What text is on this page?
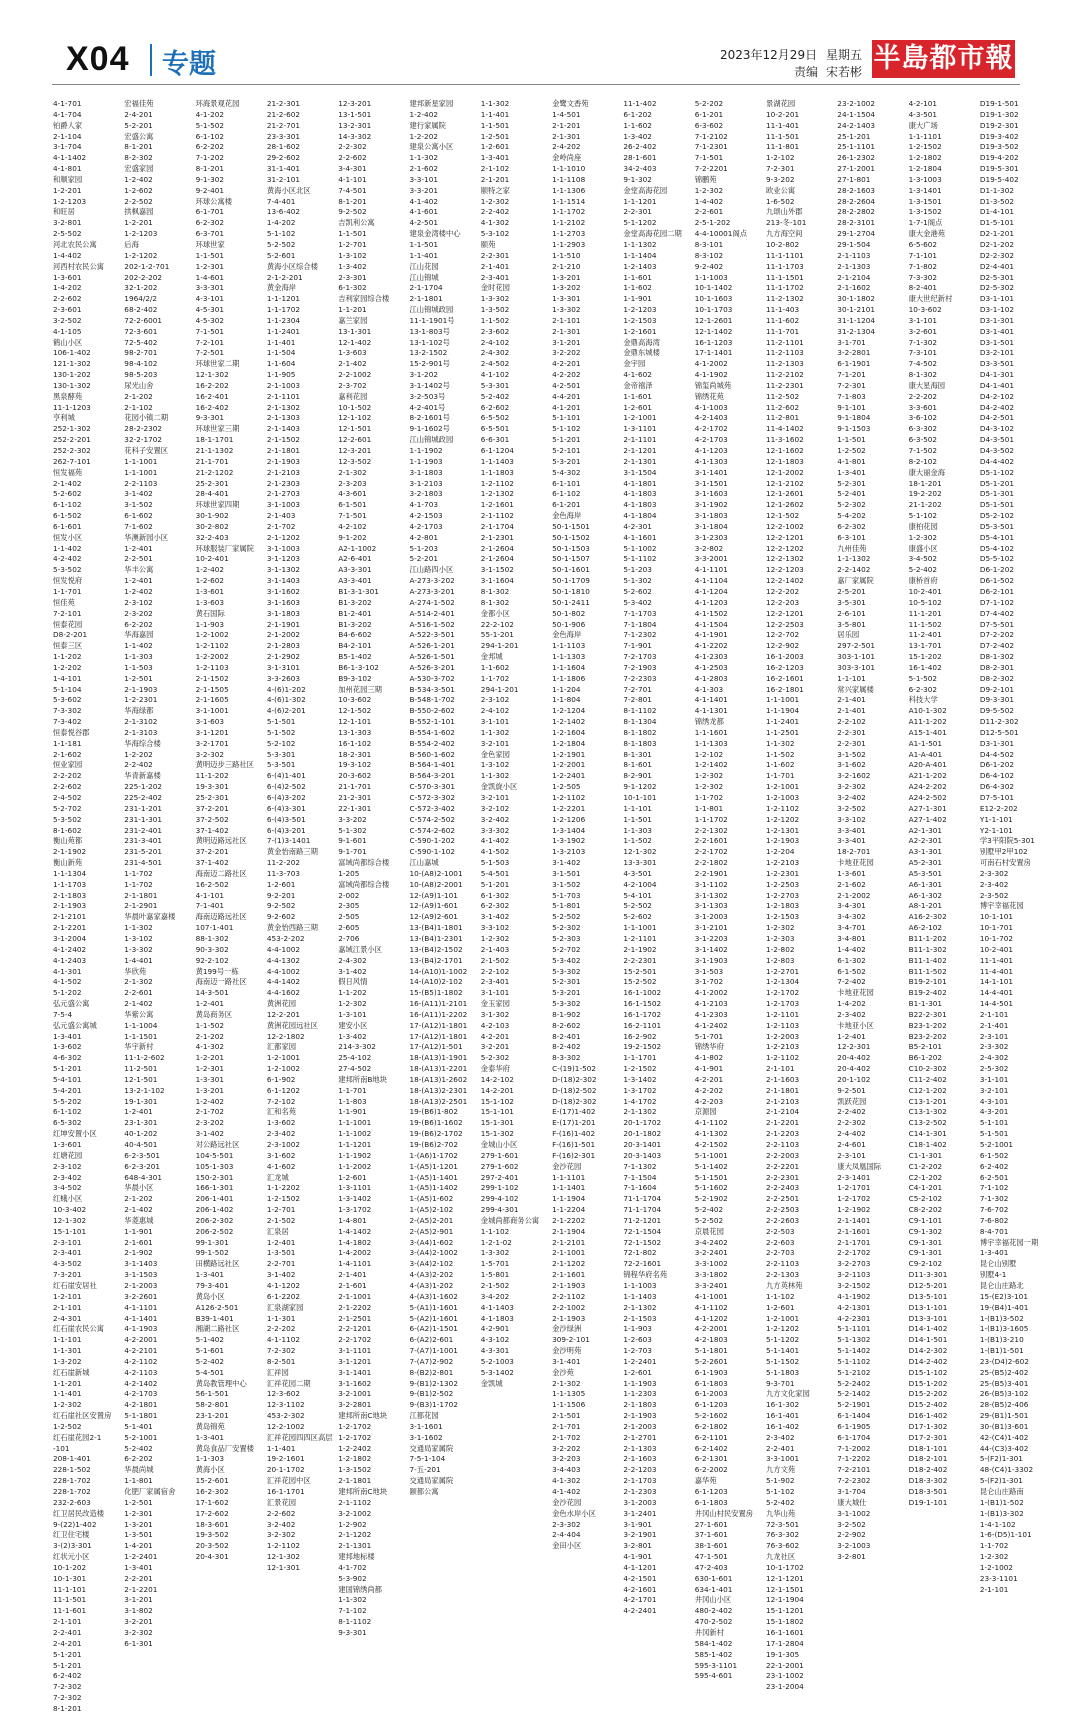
X04 专题	2023年12月29日 星期五
责编 宋若彬 半島都市報
4-1-701
4-1-704
铂爵人家
2-1-104
3-1-704
4-1-1402
4-1-801
和顺家园
1-2-201
1-2-1203
和旺居
3-2-801
2-5-502
河北农民公寓
1-4-402
河西村农民公寓
1-3-601
1-4-202
2-2-602
2-3-601
3-2-502
4-1-105
鹤山小区
106-1-402
121-1-302
130-1-202
130-1-302
黑泉酵苑
11-1-1203
亨利城
252-1-302
252-2-201
252-2-302
262-7-101
恒发福苑
2-1-402
5-2-602
6-1-102
6-1-502
6-1-601
恒发小区
1-1-402
4-2-402
5-3-502
恒发悦府
1-1-701
恒佳苑
7-2-101
恒泰花园
D8-2-201
恒泰三区
1-1-202
1-2-202
1-4-101
5-1-104
5-3-602
7-3-302
7-3-402
恒泰悦谷郡
1-1-181
2-1-602
恒业家园
2-2-202
2-2-602
2-4-502
5-2-702
5-3-502
8-1-602
衡山苑都
2-1-1902
衡山新苑
1-1-1304
1-1-1703
2-1-1803
2-1-1903
2-1-2101
2-1-2201
3-1-2004
4-1-2402
4-1-2403
4-1-301
4-1-502
5-1-202
弘元盛公寓
7-5-4
弘元盛公寓城
1-3-401
1-3-602
4-6-302
5-1-201
5-4-101
5-4-201
5-5-202
6-1-102
6-5-302
红坤安置小区
1-3-601
红塘花园
2-3-102
2-3-402
3-4-502
红蛾小区
10-3-402
12-1-302
15-1-101
2-3-101
2-3-401
4-3-502
7-3-201
红石崖安居社
1-2-101
2-1-101
2-4-301
红石崖农民公寓
1-1-101
1-1-301
1-3-202
红石崖新城
1-1-201
1-1-401
1-2-302
红石崖社区安置房
1-2-502
红石崖花园2-1
-101
208-1-401
228-1-502
228-1-702
228-1-702
232-2-603
红卫居民改造楼
9-(22)1-402
红卫住宅楼
3-(2)3-301
红状元小区
10-1-202
10-1-301
11-1-101
11-1-501
11-1-601
2-1-101
2-2-401
2-4-201
5-1-201
5-1-201
6-2-402
7-2-302
7-2-302
8-1-201
宏福佳苑
2-4-201
5-2-201
宏盛公寓
8-1-201
8-2-302
宏盛家园
1-2-402
1-2-602
2-2-502
拱枫嘉园
1-2-201
1-2-1203
后海
1-2-1202
202-1-2-701
202-2-202
32-1-202
1964/2/2
68-2-402
72-2-6001
72-3-601
72-5-402
98-2-701
98-4-102
98-5-203
尿光山舍
2-1-202
2-1-102
花园小镇二期
28-2-2302
32-2-1702
花科子安置区
1-1-1001
1-1-1001
2-2-1103
3-1-402
3-1-502
6-1-602
7-1-602
华澳新园小区
1-2-401
2-2-501
华丰公寓
1-2-401
1-2-402
2-3-102
2-3-202
6-2-202
华海嘉园
1-1-402
1-1-303
1-1-503
1-2-501
2-1-1903
1-2-2301
华海绿都
2-1-3102
2-1-3103
华海综合楼
1-2-202
2-2-402
华青新嘉楼
225-1-202
225-2-402
231-1-201
231-1-301
231-2-401
231-3-401
231-5-201
231-4-501
1-1-702
1-1-702
2-1-1801
2-1-2901
华晨叶嘉家嘉楼
1-1-302
1-3-102
1-3-302
1-4-401
华欣苑
2-1-302
2-2-601
2-1-402
华紫公寓
1-1-1004
1-1-1501
华宇新村
11-1-2-602
11-2-501
12-1-501
13-2-1-102
19-1-301
1-2-401
23-1-301
40-1-202
40-4-501
6-2-3-501
6-2-3-201
648-4-301
华晨小区
2-1-202
2-1-402
华菱惠城
1-1-901
2-1-601
2-1-902
3-1-1403
3-1-1503
2-1-2003
3-2-2601
4-1-1101
4-1-1401
4-1-1903
4-2-2001
4-2-2101
4-2-1102
4-2-1103
4-2-1402
4-2-1703
4-2-1801
5-1-1801
5-1-401
5-2-1001
5-2-402
6-2-202
华晨尚城
1-1-801
化肥厂家属宿舍
1-2-501
1-2-301
1-3-201
1-3-501
1-4-201
1-2-2401
1-3-401
2-2-201
2-1-2201
3-1-201
3-1-802
3-2-201
3-2-302
6-1-301
环海景观花园
4-1-202
5-1-502
6-1-102
6-2-202
7-1-202
8-1-201
9-1-302
9-2-401
环球公寓楼
6-1-701
6-2-302
6-3-701
环球世家
1-1-501
1-2-301
1-4-601
3-3-301
4-3-101
4-5-301
4-5-302
7-1-501
7-2-101
7-2-501
环球世家二期
12-1-302
16-2-202
16-2-401
16-2-402
9-3-301
环球世家三期
18-1-1701
21-1-1302
21-1-701
21-2-1202
25-2-301
28-4-401
环球世家四期
30-1-902
30-2-802
32-2-403
环球服装厂家属院
10-2-401
1-2-402
1-2-602
1-3-601
1-3-603
黄石国际
1-1-903
1-2-1002
1-2-1102
1-2-2002
1-2-1103
2-1-1502
2-1-1505
2-1-1605
3-1-1001
3-1-603
3-1-1201
3-2-1701
3-2-302
黄明迈步三路社区
11-1-202
19-3-301
25-2-301
37-2-201
37-2-502
37-1-402
黄明迈路远社区
37-2-201
37-1-402
海南迈二路社区
16-2-502
4-1-101
7-1-401
海南迈路远社区
107-1-401
88-1-302
90-3-302
92-2-102
黄199号一栋
海南迈一路社区
14-3-501
1-2-401
黄岛商务区
1-1-502
2-1-202
4-1-302
1-2-201
1-2-301
1-3-301
1-3-201
1-2-402
2-1-702
2-3-202
3-1-402
对公路远社区
104-5-501
105-1-303
150-2-301
166-1-301
206-1-401
206-1-402
206-2-302
206-2-502
99-1-301
99-1-502
田横路远社区
1-3-401
79-3-401
黄岛小区
A126-2-501
B39-1-401
湘湖二路社区
5-1-402
5-1-601
5-2-402
5-4-501
黄岛教管理中心
56-1-501
58-2-801
23-1-201
黄岛锦苑
1-3-401
黄岛食品厂安置楼
1-1-303
黄海小区
15-2-601
16-2-302
17-1-602
17-2-602
18-3-601
19-3-502
20-3-502
20-4-301
21-2-301
21-2-602
21-2-701
23-3-301
28-1-602
29-2-602
31-1-401
31-2-101
黄海小区北区
7-4-401
13-6-402
1-4-202
5-1-102
5-2-502
5-2-601
黄海小区综合楼
2-1-2-201
黄金海岸
1-1-1201
1-1-1702
1-1-2304
1-1-2401
1-1-401
1-1-504
1-1-604
1-1-905
2-1-1003
2-1-1101
2-1-1302
2-1-1303
2-1-1403
2-1-1502
2-1-1801
2-1-1903
2-1-2103
2-1-2303
2-1-2703
3-1-1003
2-1-403
2-1-702
2-1-1202
3-1-1003
3-1-1203
3-1-1302
3-1-1403
3-1-1602
3-1-1603
3-1-1803
2-1-1901
2-1-2002
2-1-2803
2-1-2902
3-1-3101
3-3-2603
4-(6)1-202
4-(6)1-302
4-(6)2-201
5-1-501
5-1-502
5-2-102
5-3-301
5-3-501
6-(4)1-401
6-(4)2-502
6-(4)3-202
6-(4)3-301
6-(4)3-501
6-(4)3-201
7-(1)3-1401
黄金怡南路三期
11-2-202
11-3-703
1-2-601
9-2-201
9-2-502
9-2-602
黄金怡西路三期
453-2-202
4-4-1002
4-4-1302
4-4-1002
4-4-1402
4-4-1602
黄洲花园
12-2-201
黄洲花园远社区
12-2-1802
汇都家园
1-2-1001
1-2-1002
6-1-902
6-1-1202
7-2-102
汇和名苑
1-3-602
2-3-402
2-3-1002
3-1-602
4-1-602
汇龙城
1-1-2202
1-2-1502
1-2-701
2-1-502
汇泉居
1-2-401
1-3-501
2-2-701
3-1-402
4-1-1202
6-1-2202
汇泉湖家园
1-1-301
2-2-202
4-1-1102
7-2-302
8-2-501
汇祥园
汇祥花园二期
12-3-602
12-3-1102
453-2-302
12-2-1002
汇祥花园四四区高层
1-1-401
19-2-1601
20-1-1702
汇祥花园中区
16-1-1701
汇景花园
2-2-602
3-2-402
3-2-302
1-2-1102
12-1-302
12-1-301
12-3-201
13-1-501
13-2-301
14-3-302
2-2-302
2-2-602
3-4-301
4-1-101
7-4-501
8-1-201
9-2-502
吉凯利公寓
1-1-501
1-2-701
1-3-102
1-3-402
2-3-301
6-1-302
吉利家园综合楼
1-1-201
嘉兰家园
13-1-301
12-1-402
1-3-603
2-1-402
2-2-1002
2-3-702
嘉利花园
10-1-502
12-1-102
12-1-501
12-2-601
12-3-201
12-3-502
2-1-302
2-3-203
4-3-601
6-1-501
7-1-501
4-2-102
9-1-202
A2-1-1002
A2-6-401
A3-3-301
A3-3-401
B1-3-1-301
B1-3-202
B1-2-401
B1-3-202
B4-6-602
B4-2-101
B5-1-402
B6-1-3-102
B9-3-102
加州花园三期
10-3-602
12-1-502
12-1-101
13-1-303
16-1-102
18-2-301
19-3-102
20-3-602
21-1-701
21-2-301
22-1-301
3-3-202
5-1-302
9-1-601
9-1-701
富域尚都综合楼
1-205
富域尚都综合楼
2-002
2-305
2-505
2-605
2-706
嘉域江景小区
2-4-302
3-1-402
假日风情
1-1-202
1-2-302
1-3-101
建安小区
1-3-402
214-3-302
25-4-102
27-4-502
建邦所南B地块
1-1-701
1-1-803
1-1-901
1-1-1001
1-1-1002
1-1-1201
1-1-1902
1-1-2002
1-2-601
1-3-1101
1-3-1402
1-3-1702
1-4-801
1-4-1402
1-4-1802
1-4-2002
1-4-1101
2-1-401
2-1-601
2-1-1001
2-1-2202
2-1-2501
2-2-1201
2-2-1702
3-1-1101
3-1-1201
3-1-1401
3-1-1602
3-2-1001
3-2-2801
建邦所南C地块
1-2-1702
1-2-1702
1-2-2402
1-2-1802
1-3-1502
2-1-1801
建邦所南C地块
2-1-1102
3-2-1002
1-2-902
2-1-1202
2-1-1301
建邦地标楼
4-1-702
5-3-902
建国锦绣尚都
1-1-302
7-1-102
8-1-1102
9-3-301
建邦新星家园
1-2-402
建行家属院
1-2-202
建泉公寓小区
1-1-302
2-1-602
3-3-101
3-3-201
4-1-402
4-1-601
4-2-501
建泉金湾楼中心
1-1-501
1-1-401
江山花园
江山锦城
2-1-1704
2-1-1801
江山锦城政园
11-1-1901号
13-1-803号
13-1-102号
13-2-1502
15-2-901号
3-1-202
3-1-1402号
3-2-503号
4-2-401号
8-2-1601号
9-1-1602号
江山锦城政园
1-1-1902
1-1-1903
3-1-1803
3-1-2103
3-2-1803
4-1-703
4-2-1503
4-2-1703
4-2-801
5-1-203
5-2-201
江山路四小区
A-273-3-202
A-273-3-201
A-274-1-502
A-514-2-401
A-516-1-502
A-522-3-501
A-526-1-201
A-526-1-501
A-526-3-201
A-530-3-702
B-534-3-501
B-548-1-702
B-550-2-602
B-552-1-101
B-554-1-602
B-554-2-402
B-560-1-602
B-564-1-401
B-564-3-201
C-570-3-301
C-572-3-302
C-572-3-402
C-574-2-502
C-574-2-602
C-590-1-202
C-590-1-102
江山嘉城
10-(A8)2-1001
10-(A8)2-2001
12-(A9)1-101
12-(A9)1-601
12-(A9)2-601
13-(B4)1-1801
13-(B4)1-2301
13-(B4)2-1502
13-(B4)2-1701
14-(A10)1-1002
14-(A10)2-102
15-(B5)1-1802
16-(A11)1-2101
16-(A11)1-2202
17-(A12)1-1801
17-(A12)1-1801
17-(A12)1-501
18-(A13)1-1901
18-(A13)1-2201
18-(A13)1-2602
18-(A13)2-2301
18-(A13)2-2501
19-(B6)1-802
19-(B6)1-1602
19-(B6)2-1702
19-(B6)2-702
1-(A6)1-1702
1-(A5)1-1201
1-(A5)1-1401
1-(A5)1-1402
1-(A5)1-602
1-(A5)2-102
2-(A5)2-201
2-(A5)2-901
3-(A4)1-602
3-(A4)2-1002
3-(A4)2-102
4-(A3)2-202
4-(A3)1-202
4-(A3)1-1602
5-(A1)1-1601
5-(A2)1-1601
6-(A2)1-1501
6-(A2)2-601
7-(A7)1-1001
7-(A7)2-902
8-(B2)2-801
9-(B1)2-1302
9-(B1)2-502
9-(B3)1-1702
江都花园
3-1-1601
3-1-1602
交通局家属院
7-5-1-104
7-五-201
交通局家属院
颐都公寓
1-1-302
1-1-401
1-1-501
1-2-501
1-2-601
1-3-401
2-1-102
2-1-201
颐特之家
1-2-302
2-2-402
4-1-302
5-3-102
颐苑
2-2-301
2-1-401
2-3-401
金时花园
1-3-302
1-3-502
1-1-502
2-3-602
2-4-102
2-4-302
2-4-502
4-1-102
5-3-301
5-2-402
6-2-602
6-5-502
6-5-501
6-6-301
6-1-1204
1-1-1403
1-1-1803
1-2-1102
1-2-1302
1-2-1601
2-1-1102
2-1-1704
2-1-2301
2-1-2604
2-1-2604
3-1-1502
3-1-1604
8-1-302
8-1-302
金都小区
22-2-102
55-1-201
294-1-201
金邦城
1-1-602
1-1-702
294-1-201
2-3-102
2-4-102
3-1-101
1-1-302
3-2-101
金色家园
1-3-102
1-1-302
金凯旋小区
3-2-101
3-2-102
3-2-402
3-3-302
4-1-402
4-1-502
5-1-503
5-4-501
5-1-201
6-1-302
6-2-302
3-1-402
3-3-102
1-2-302
2-1-403
2-1-502
2-2-102
2-3-401
3-1-101
金玉家园
3-1-302
4-2-103
4-2-201
3-2-201
5-2-302
金泰华府
14-2-102
14-2-201
15-1-102
15-1-101
15-1-301
15-1-302
金城山小区
279-1-601
279-1-602
297-2-401
299-1-102
299-4-102
299-4-301
金城尚都商务公寓
1-1-102
1-2-1-02
1-3-302
1-5-701
1-5-801
2-1-502
3-4-202
4-1-1403
4-1-1803
4-2-901
4-3-102
4-3-301
5-2-1003
5-3-1402
金凯城
金鹭文香苑
1-4-501
2-1-201
2-1-301
2-4-202
金岭尚座
1-1-1010
1-1-1108
1-1-1306
1-1-1514
1-1-1702
1-1-2102
1-1-2703
1-1-2903
1-1-510
2-1-210
1-3-201
1-3-202
1-3-301
1-3-302
2-1-101
2-1-301
3-1-201
3-2-202
4-2-201
4-2-202
4-2-501
4-4-201
4-1-201
5-1-101
5-1-102
5-1-201
5-2-101
5-3-201
5-4-302
6-1-101
6-1-102
6-1-201
金色海岸
50-1-1501
50-1-1502
50-1-1503
50-1-1507
50-1-1601
50-1-1709
50-1-1810
50-1-2411
50-1-802
50-1-906
金色海岸
1-1-1103
1-1-1303
1-1-1604
1-1-1806
1-1-204
1-1-804
1-2-1204
1-2-1402
1-2-1604
1-2-1804
1-2-1901
1-2-2001
1-2-2401
1-2-505
1-2-1102
1-2-2201
1-2-1206
1-3-1404
1-3-1902
1-3-2103
3-1-402
3-1-501
3-1-502
5-1-703
5-1-801
5-2-502
5-2-302
5-2-303
5-2-702
5-3-402
5-3-302
5-2-301
5-3-201
5-3-302
8-1-902
8-2-602
8-2-401
8-2-402
8-3-302
C-(19)1-502
D-(18)2-302
D-(18)2-502
D-(18)2-302
E-(17)1-402
E-(17)1-201
F-(16)1-402
F-(16)1-501
F-(16)2-301
金沙花园
1-1-1101
1-1-1401
1-1-1904
1-1-2204
2-1-2202
2-1-1904
2-1-2101
2-1-1001
2-1-1202
2-1-1601
2-1-1903
2-2-1102
2-2-1002
2-1-1903
金沙绿洲
309-2-101
金沙明苑
3-1-401
金沙苑
2-1-302
1-1-1305
1-1-1506
2-1-501
2-1-701
2-1-702
3-2-202
3-2-203
3-4-403
4-1-302
4-1-402
金沙花园
金色水岸小区
2-3-302
2-4-404
金田小区
11-1-402
6-1-202
1-1-602
1-3-402
26-2-402
28-1-601
34-2-403
9-1-302
金堂高海花园
1-1-1201
2-2-301
5-1-1202
金堂高海花园二期
1-1-1302
1-1-1404
1-2-1403
1-1-601
1-1-602
1-1-901
1-2-1203
1-2-1503
1-2-1601
金鼎高海湾
金鼎东城楼
金宇园
4-1-602
金帝禧泽
1-1-601
1-2-601
1-2-1001
1-3-1101
2-1-1101
2-1-1201
2-1-1301
3-1-1504
4-1-1801
4-1-1803
4-1-1803
4-1-1804
4-2-301
4-1-1601
5-1-1002
5-1-1102
5-1-203
5-1-302
5-2-602
5-3-402
7-1-1703
7-1-1804
7-1-2302
7-1-901
7-2-1703
7-2-1903
7-2-2303
7-2-701
7-2-801
8-1-1102
8-1-1304
8-1-1802
8-1-1803
8-1-301
8-1-601
8-2-901
9-1-1202
10-1-101
1-1-101
1-1-501
1-1-303
1-1-502
12-1-302
13-3-301
4-3-501
4-2-1004
5-4-101
5-2-502
5-2-602
1-1-1001
1-2-1101
2-1-1902
2-2-2301
15-2-501
15-2-502
16-1-1002
16-1-1502
16-1-1702
16-2-1101
16-2-902
19-2-1502
1-1-1701
1-2-1502
1-3-1402
1-3-1702
1-4-1702
2-1-1302
20-1-1702
20-1-1802
20-3-1401
20-3-1403
7-1-1302
7-1-1504
7-1-1604
71-1-1704
71-1-1704
71-2-1201
72-1-1504
72-1-1502
72-1-802
72-2-1601
锦程华府名苑
1-1-1003
1-1-1403
2-1-1302
2-1-1503
1-1-903
1-2-603
1-2-703
1-2-2401
1-2-601
1-1-1903
1-1-2303
2-1-1803
2-1-1903
2-1-2003
2-1-2701
2-1-1303
2-1-1603
2-2-1203
2-1-1703
2-1-2303
3-1-2003
3-1-2401
3-1-901
3-2-1901
3-2-801
4-1-901
4-1-1201
4-2-1501
4-2-1601
4-2-1701
4-2-2401
5-2-202
6-1-201
6-3-602
7-1-2102
7-1-2301
7-1-501
7-2-2201
锦鹏苑
1-2-302
1-4-402
2-2-601
2-5-1-202
4-4-10001阁点
8-3-101
8-3-102
9-2-402
1-1-1003
10-1-1402
10-1-1603
10-1-1703
12-1-2601
12-1-1402
16-1-1203
17-1-1401
4-1-2002
4-1-1902
锦玺尚城苑
锦绣花苑
4-1-1003
4-2-1403
4-2-1702
4-2-1703
4-1-1203
4-1-1303
3-1-1401
3-1-1501
3-1-1603
3-1-1902
3-1-1803
3-1-1804
3-1-2303
3-2-802
3-3-2001
4-1-1101
4-1-1104
4-1-1204
4-1-1203
4-1-1502
4-1-1504
4-1-1901
4-1-2202
4-1-2303
4-1-2503
4-1-2803
4-1-303
4-1-1401
4-1-1301
锦绣龙都
1-1-1601
1-1-1303
1-2-102
1-2-1402
1-2-302
1-2-302
1-1-702
1-1-801
1-1-1702
2-2-1302
2-2-1601
2-2-1702
2-2-1802
2-2-1901
3-1-1102
3-1-1302
3-1-1303
3-1-2003
3-1-2101
3-1-2203
3-1-1402
3-1-1903
3-1-503
3-1-702
4-1-2002
4-1-2103
4-1-2303
4-1-2402
5-1-701
锦绣华府
4-1-802
4-1-901
4-2-201
4-2-202
4-2-203
京源园
4-1-1102
4-1-1302
4-2-1502
5-1-1001
5-1-1402
5-1-1501
5-1-1602
5-2-1902
5-2-402
5-2-502
京晨花园
3-4-2402
3-2-2401
3-3-1002
3-3-1802
3-3-2401
4-1-1001
4-1-1102
4-1-1202
4-2-2001
4-2-1803
5-1-1801
5-2-2601
6-1-1903
6-1-1803
6-1-2003
6-1-1203
5-2-1602
6-2-1802
6-2-1101
6-2-1402
6-2-1301
6-2-2002
嘉华苑
6-1-1203
6-1-1803
井冈山村民安置房
27-1-601
37-1-601
38-1-601
47-1-501
47-2-403
630-1-601
634-1-401
井冈山小区
480-2-402
470-2-502
井冈新村
584-1-402
585-1-402
595-3-1101
595-4-601
景湖花园
10-2-201
11-1-401
11-1-501
11-1-801
1-2-102
7-2-301
9-3-202
欧业公寓
1-6-502
九颂山外郡
213-冬-101
九方海空间
10-2-802
11-1-1101
11-1-1703
11-1-1501
11-1-1702
11-2-1302
11-1-403
11-1-602
11-1-701
11-2-1101
11-2-1103
11-2-1303
11-2-2102
11-2-2301
11-2-502
11-2-602
11-2-801
11-4-1402
11-3-1602
12-1-1602
12-1-1803
12-1-2002
12-1-2102
12-1-2601
12-1-2602
12-1-502
12-2-1002
12-2-1201
12-2-1202
12-2-1302
12-2-1203
12-2-1402
12-2-202
12-2-203
12-2-1201
12-2-2503
12-2-702
12-2-902
16-1-2003
16-2-1203
16-2-1601
16-2-1801
1-1-1001
1-1-1904
1-1-2401
1-1-2501
1-1-302
1-1-502
1-1-602
1-1-701
1-2-1001
1-2-1003
1-2-1102
1-2-1202
1-2-1301
1-2-1903
1-2-204
1-2-2103
1-2-2301
1-2-2503
1-2-2703
1-2-1803
1-2-1503
1-2-302
1-2-303
1-2-802
1-2-803
1-2-2701
1-2-1304
1-2-1702
1-2-1703
1-2-1101
1-2-1103
1-2-2003
1-2-2103
1-2-1102
2-1-101
2-1-1603
2-1-1801
2-1-2103
2-1-2104
2-1-2201
2-1-2203
2-2-1103
2-2-2003
2-2-2201
2-2-2301
2-2-2403
2-2-2501
2-2-2503
2-2-2603
2-2-503
2-2-603
2-2-703
2-2-1103
2-2-1303
九方英林苑
1-1-102
1-2-601
1-2-1001
1-2-1202
5-1-1202
5-1-1401
5-1-1502
5-1-1803
9-3-701
九方文化家园
16-1-302
16-1-401
16-1-402
2-3-402
2-2-401
3-3-1001
九方文苑
5-1-902
5-1-102
5-2-402
九华山苑
72-3-501
76-3-302
76-3-602
九龙社区
10-1-1702
12-1-1201
12-1-1501
12-1-1904
15-1-1201
15-1-1802
16-1-1601
17-1-2804
19-1-305
22-1-2001
23-1-1002
23-1-2004
23-2-1002
24-1-1504
24-2-1403
25-1-201
25-1-1101
26-1-2302
27-1-2001
27-1-801
28-2-1603
28-2-2604
28-2-2802
28-2-3101
29-1-2704
29-1-504
2-1-1103
2-1-1303
2-1-2104
2-1-1602
30-1-1802
30-1-2101
31-1-1204
31-2-1304
3-1-701
3-2-2801
6-1-1901
7-1-201
7-2-301
7-1-803
9-1-101
9-1-1804
9-1-1503
1-1-501
1-2-502
4-1-801
1-3-401
5-2-301
5-2-401
5-2-302
5-4-202
6-2-302
6-3-101
九州佳苑
1-1-1302
2-2-1402
嘉厂家属院
2-5-201
3-5-301
2-6-101
3-5-801
居乐园
297-2-501
303-1-101
303-3-101
1-1-101
常兴家属楼
2-1-401
2-1-401
2-2-102
2-2-301
2-2-301
3-1-502
3-1-602
3-2-1602
3-2-302
3-2-402
3-2-502
3-3-102
3-3-401
3-3-401
18-2-701
卡地亚花园
1-3-601
2-1-602
2-1-2002
3-4-301
3-4-302
3-4-701
3-4-801
1-4-402
6-1-302
6-1-502
7-2-402
卡地亚花园
1-4-202
2-3-402
卡地亚小区
1-2-401
12-2-301
20-4-402
20-4-402
20-1-102
9-2-501
凯跃花园
2-2-402
2-2-302
2-4-402
2-4-601
2-3-101
康大凤凰国际
2-3-1401
1-2-1701
1-2-1702
1-2-1902
2-1-1401
2-1-1601
2-1-1701
2-2-1702
3-2-2703
3-2-1103
3-2-1502
4-1-1902
4-2-1301
4-2-2301
5-1-1101
5-1-1302
5-1-1402
5-1-1102
5-1-2102
5-2-2402
5-2-1402
5-2-1901
6-1-1404
6-1-1905
6-1-1704
7-1-2002
7-1-2202
7-2-2101
7-2-2302
3-1-704
康大城仕
3-1-1002
3-2-502
2-2-902
3-2-1003
3-2-801
4-2-101
4-3-501
康大广场
1-1-1101
1-2-1502
1-2-1802
1-2-1804
1-3-1003
1-3-1401
1-3-1501
1-3-1502
1-7-1阁点
康大金港苑
6-5-602
7-1-101
7-1-802
7-3-302
8-2-401
康大世纪新村
10-3-602
3-1-101
3-2-601
7-1-302
7-3-101
7-4-502
8-1-302
康大星海园
2-2-202
3-3-601
3-6-102
6-3-302
6-3-502
7-1-502
8-2-102
康大丽金海
18-1-201
19-2-202
21-1-202
5-1-102
康柏花园
1-2-302
康盛小区
3-4-502
5-2-402
康桥首府
10-2-401
10-5-102
11-1-201
11-1-502
11-2-401
13-1-701
15-1-202
16-1-402
5-1-502
6-2-302
科技大学
A10-1-302
A11-1-202
A15-1-401
A1-1-501
A1-A-401
A20-A-401
A21-1-202
A24-2-202
A24-2-502
A27-1-301
A27-1-402
A2-1-301
A2-2-301
A3-1-301
A5-2-301
A5-3-501
A6-1-301
A6-1-302
A8-1-201
A16-2-302
A6-2-102
B11-1-202
B11-1-302
B11-1-402
B11-1-502
B19-2-101
B19-2-402
B1-1-301
B22-2-301
B23-1-202
B23-2-202
B5-2-101
B6-1-202
C10-2-302
C11-2-402
C12-1-202
C13-1-201
C13-1-302
C13-2-502
C14-1-301
C18-1-402
C1-1-301
C1-2-202
C2-1-202
C4-1-201
C5-2-102
C8-2-202
C9-1-101
C9-1-302
C9-1-301
C9-1-301
C9-2-102
D11-3-301
D12-5-201
D13-5-101
D13-1-101
D13-3-101
D14-1-402
D14-1-501
D14-2-302
D14-2-402
D15-1-102
D15-1-202
D15-2-202
D15-2-402
D16-1-402
D17-1-302
D17-2-301
D18-1-101
D18-2-101
D18-2-402
D18-3-302
D18-3-501
D19-1-101
D19-1-501
D19-1-302
D19-2-301
D19-3-402
D19-3-502
D19-4-202
D19-5-301
D19-5-402
D1-1-302
D1-3-502
D1-4-101
D1-5-101
D2-1-201
D2-1-202
D2-2-302
D2-4-401
D2-5-301
D2-5-302
D3-1-101
D3-1-102
D3-1-301
D3-1-401
D3-1-501
D3-2-101
D3-3-501
D4-1-301
D4-1-401
D4-2-102
D4-2-402
D4-2-501
D4-3-102
D4-3-501
D4-3-502
D4-4-402
D5-1-102
D5-1-201
D5-1-301
D5-1-501
D5-2-102
D5-3-501
D5-4-101
D5-4-102
D5-5-102
D6-1-202
D6-1-502
D6-2-101
D7-1-102
D7-4-402
D7-5-501
D7-2-202
D7-2-402
D8-1-302
D8-2-301
D8-2-302
D9-2-101
D9-3-301
D9-5-502
D11-2-302
D12-5-501
D3-1-301
D4-4-502
D6-1-202
D6-4-102
D6-4-302
D7-5-101
E12-2-202
Y1-1-101
Y2-1-101
学3平阳院5-301
别墅甲2甲102
可南石村安置房
2-3-302
2-3-402
2-3-502
博宇幸福花园
10-1-101
10-1-701
10-1-702
10-2-401
11-1-401
11-4-401
14-1-101
14-4-401
14-4-501
2-1-101
2-1-401
2-3-101
2-3-302
2-4-302
2-5-302
3-1-101
3-2-101
4-3-101
4-3-201
5-1-101
5-1-501
5-2-1001
6-1-502
6-2-402
6-2-501
7-1-102
7-1-302
7-6-702
7-6-802
8-4-701
博宇幸福花园一期
1-3-401
昆仑山别墅
别墅4-1
昆仑山庄路北
15-(E2)3-101
19-(B4)1-401
1-(B1)3-502
1-(B1)3-1605
1-(B1)3-210
1-(B1)1-501
23-(D4)2-602
25-(B5)2-402
25-(B5)3-401
26-(B5)3-102
28-(B5)2-406
29-(B1)1-501
30-(B1)3-601
42-(C4)1-402
44-(C3)3-402
5-(F2)1-301
48-(C4)1-3302
5-(F2)1-301
昆仑山庄路南
1-(B1)1-502
1-(B1)3-302
1-4-1-102
1-6-(D5)1-101
1-1-702
1-2-302
1-2-1002
23-3-1101
2-1-101
